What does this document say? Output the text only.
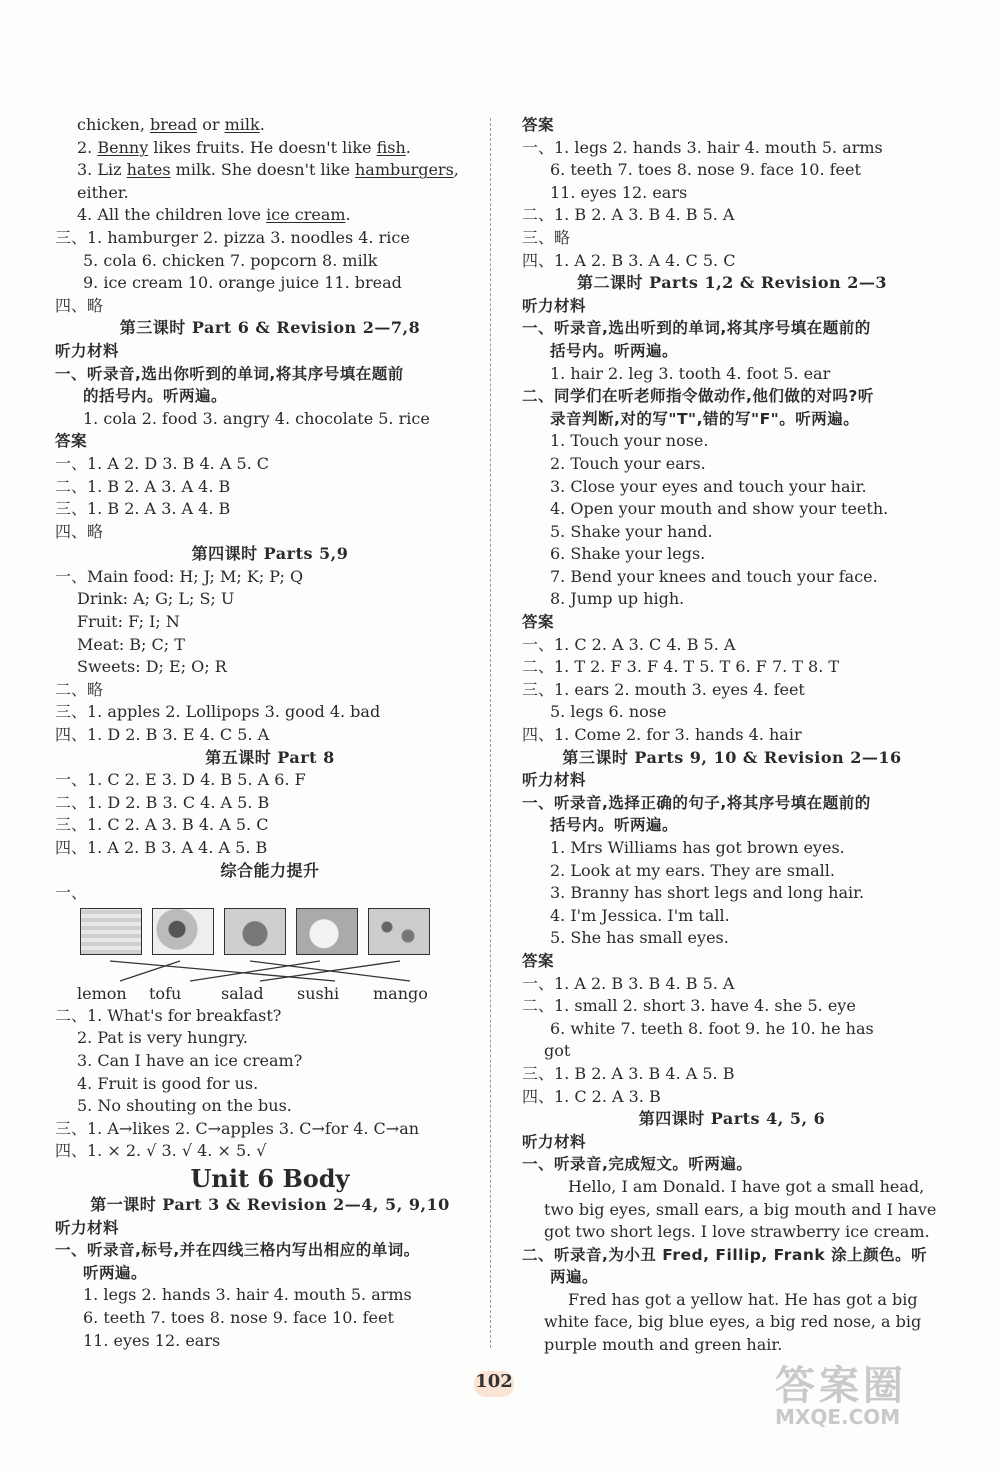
chicken, bread or milk.
2. Benny likes fruits. He doesn't like fish.
3. Liz hates milk. She doesn't like hamburgers,
either.
4. All the children love ice cream.
三、1. hamburger 2. pizza 3. noodles 4. rice
5. cola 6. chicken 7. popcorn 8. milk
9. ice cream 10. orange juice 11. bread
四、略
第三课时 Part 6 & Revision 2—7,8
听力材料
一、听录音,选出你听到的单词,将其序号填在题前
的括号内。听两遍。
1. cola 2. food 3. angry 4. chocolate 5. rice
答案
一、1. A 2. D 3. B 4. A 5. C
二、1. B 2. A 3. A 4. B
三、1. B 2. A 3. A 4. B
四、略
第四课时 Parts 5,9
一、Main food: H; J; M; K; P; Q
Drink: A; G; L; S; U
Fruit: F; I; N
Meat: B; C; T
Sweets: D; E; O; R
二、略
三、1. apples 2. Lollipops 3. good 4. bad
四、1. D 2. B 3. E 4. C 5. A
第五课时 Part 8
一、1. C 2. E 3. D 4. B 5. A 6. F
二、1. D 2. B 3. C 4. A 5. B
三、1. C 2. A 3. B 4. A 5. C
四、1. A 2. B 3. A 4. A 5. B
综合能力提升
一、
lemon	tofu	salad	sushi	mango
二、1. What's for breakfast?
2. Pat is very hungry.
3. Can I have an ice cream?
4. Fruit is good for us.
5. No shouting on the bus.
三、1. A→likes 2. C→apples 3. C→for 4. C→an
四、1. × 2. √ 3. √ 4. × 5. √
Unit 6 Body
第一课时 Part 3 & Revision 2—4, 5, 9,10
听力材料
一、听录音,标号,并在四线三格内写出相应的单词。
听两遍。
1. legs 2. hands 3. hair 4. mouth 5. arms
6. teeth 7. toes 8. nose 9. face 10. feet
11. eyes 12. ears
答案
一、1. legs 2. hands 3. hair 4. mouth 5. arms
6. teeth 7. toes 8. nose 9. face 10. feet
11. eyes 12. ears
二、1. B 2. A 3. B 4. B 5. A
三、略
四、1. A 2. B 3. A 4. C 5. C
第二课时 Parts 1,2 & Revision 2—3
听力材料
一、听录音,选出听到的单词,将其序号填在题前的
括号内。听两遍。
1. hair 2. leg 3. tooth 4. foot 5. ear
二、同学们在听老师指令做动作,他们做的对吗?听
录音判断,对的写"T",错的写"F"。听两遍。
1. Touch your nose.
2. Touch your ears.
3. Close your eyes and touch your hair.
4. Open your mouth and show your teeth.
5. Shake your hand.
6. Shake your legs.
7. Bend your knees and touch your face.
8. Jump up high.
答案
一、1. C 2. A 3. C 4. B 5. A
二、1. T 2. F 3. F 4. T 5. T 6. F 7. T 8. T
三、1. ears 2. mouth 3. eyes 4. feet
5. legs 6. nose
四、1. Come 2. for 3. hands 4. hair
第三课时 Parts 9, 10 & Revision 2—16
听力材料
一、听录音,选择正确的句子,将其序号填在题前的
括号内。听两遍。
1. Mrs Williams has got brown eyes.
2. Look at my ears. They are small.
3. Branny has short legs and long hair.
4. I'm Jessica. I'm tall.
5. She has small eyes.
答案
一、1. A 2. B 3. B 4. B 5. A
二、1. small 2. short 3. have 4. she 5. eye
6. white 7. teeth 8. foot 9. he 10. he has
got
三、1. B 2. A 3. B 4. A 5. B
四、1. C 2. A 3. B
第四课时 Parts 4, 5, 6
听力材料
一、听录音,完成短文。听两遍。
Hello, I am Donald. I have got a small head,
two big eyes, small ears, a big mouth and I have
got two short legs. I love strawberry ice cream.
二、听录音,为小丑 Fred, Fillip, Frank 涂上颜色。听
两遍。
Fred has got a yellow hat. He has got a big
white face, big blue eyes, a big red nose, a big
purple mouth and green hair.
102	答案圈
MXQE.COM
